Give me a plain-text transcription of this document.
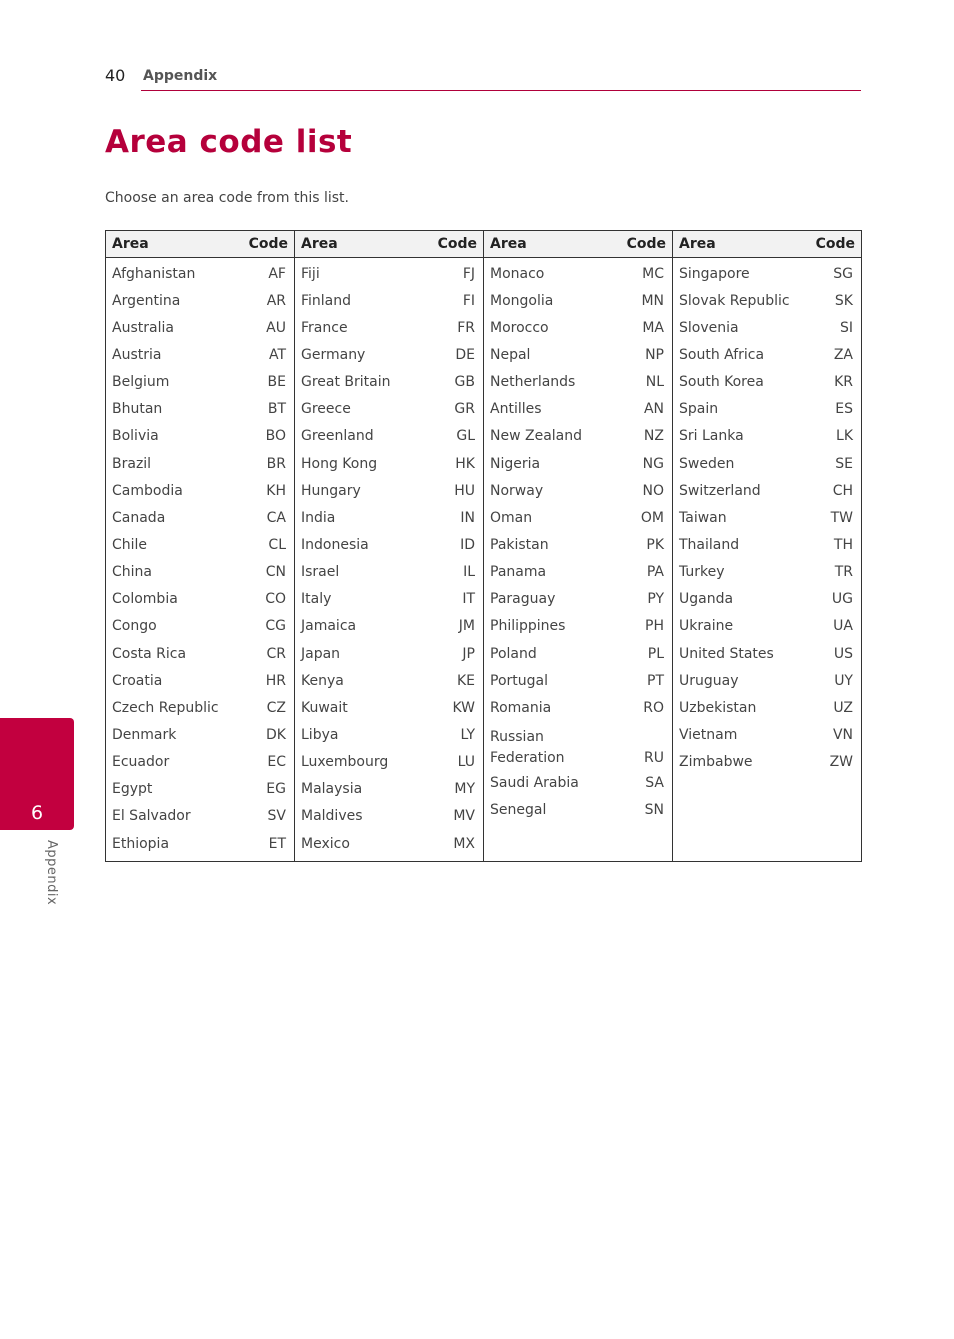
40 Appendix
Area code list
Choose an area code from this list.
Area	Code
Afghanistan	AF
Argentina	AR
Australia	AU
Austria	AT
Belgium	BE
Bhutan	BT
Bolivia	BO
Brazil	BR
Cambodia	KH
Canada	CA
Chile	CL
China	CN
Colombia	CO
Congo	CG
Costa Rica	CR
Croatia	HR
Czech Republic	CZ
Denmark	DK
Ecuador	EC
Egypt	EG
El Salvador	SV
Ethiopia	ET
Area	Code
Fiji	FJ
Finland	FI
France	FR
Germany	DE
Great Britain	GB
Greece	GR
Greenland	GL
Hong Kong	HK
Hungary	HU
India	IN
Indonesia	ID
Israel	IL
Italy	IT
Jamaica	JM
Japan	JP
Kenya	KE
Kuwait	KW
Libya	LY
Luxembourg	LU
Malaysia	MY
Maldives	MV
Mexico	MX
Area	Code
Monaco	MC
Mongolia	MN
Morocco	MA
Nepal	NP
Netherlands	NL
Antilles	AN
New Zealand	NZ
Nigeria	NG
Norway	NO
Oman	OM
Pakistan	PK
Panama	PA
Paraguay	PY
Philippines	PH
Poland	PL
Portugal	PT
Romania	RO
Russian Federation	RU
Saudi Arabia	SA
Senegal	SN
Area	Code
Singapore	SG
Slovak Republic	SK
Slovenia	SI
South Africa	ZA
South Korea	KR
Spain	ES
Sri Lanka	LK
Sweden	SE
Switzerland	CH
Taiwan	TW
Thailand	TH
Turkey	TR
Uganda	UG
Ukraine	UA
United States	US
Uruguay	UY
Uzbekistan	UZ
Vietnam	VN
Zimbabwe	ZW
6
Appendix
